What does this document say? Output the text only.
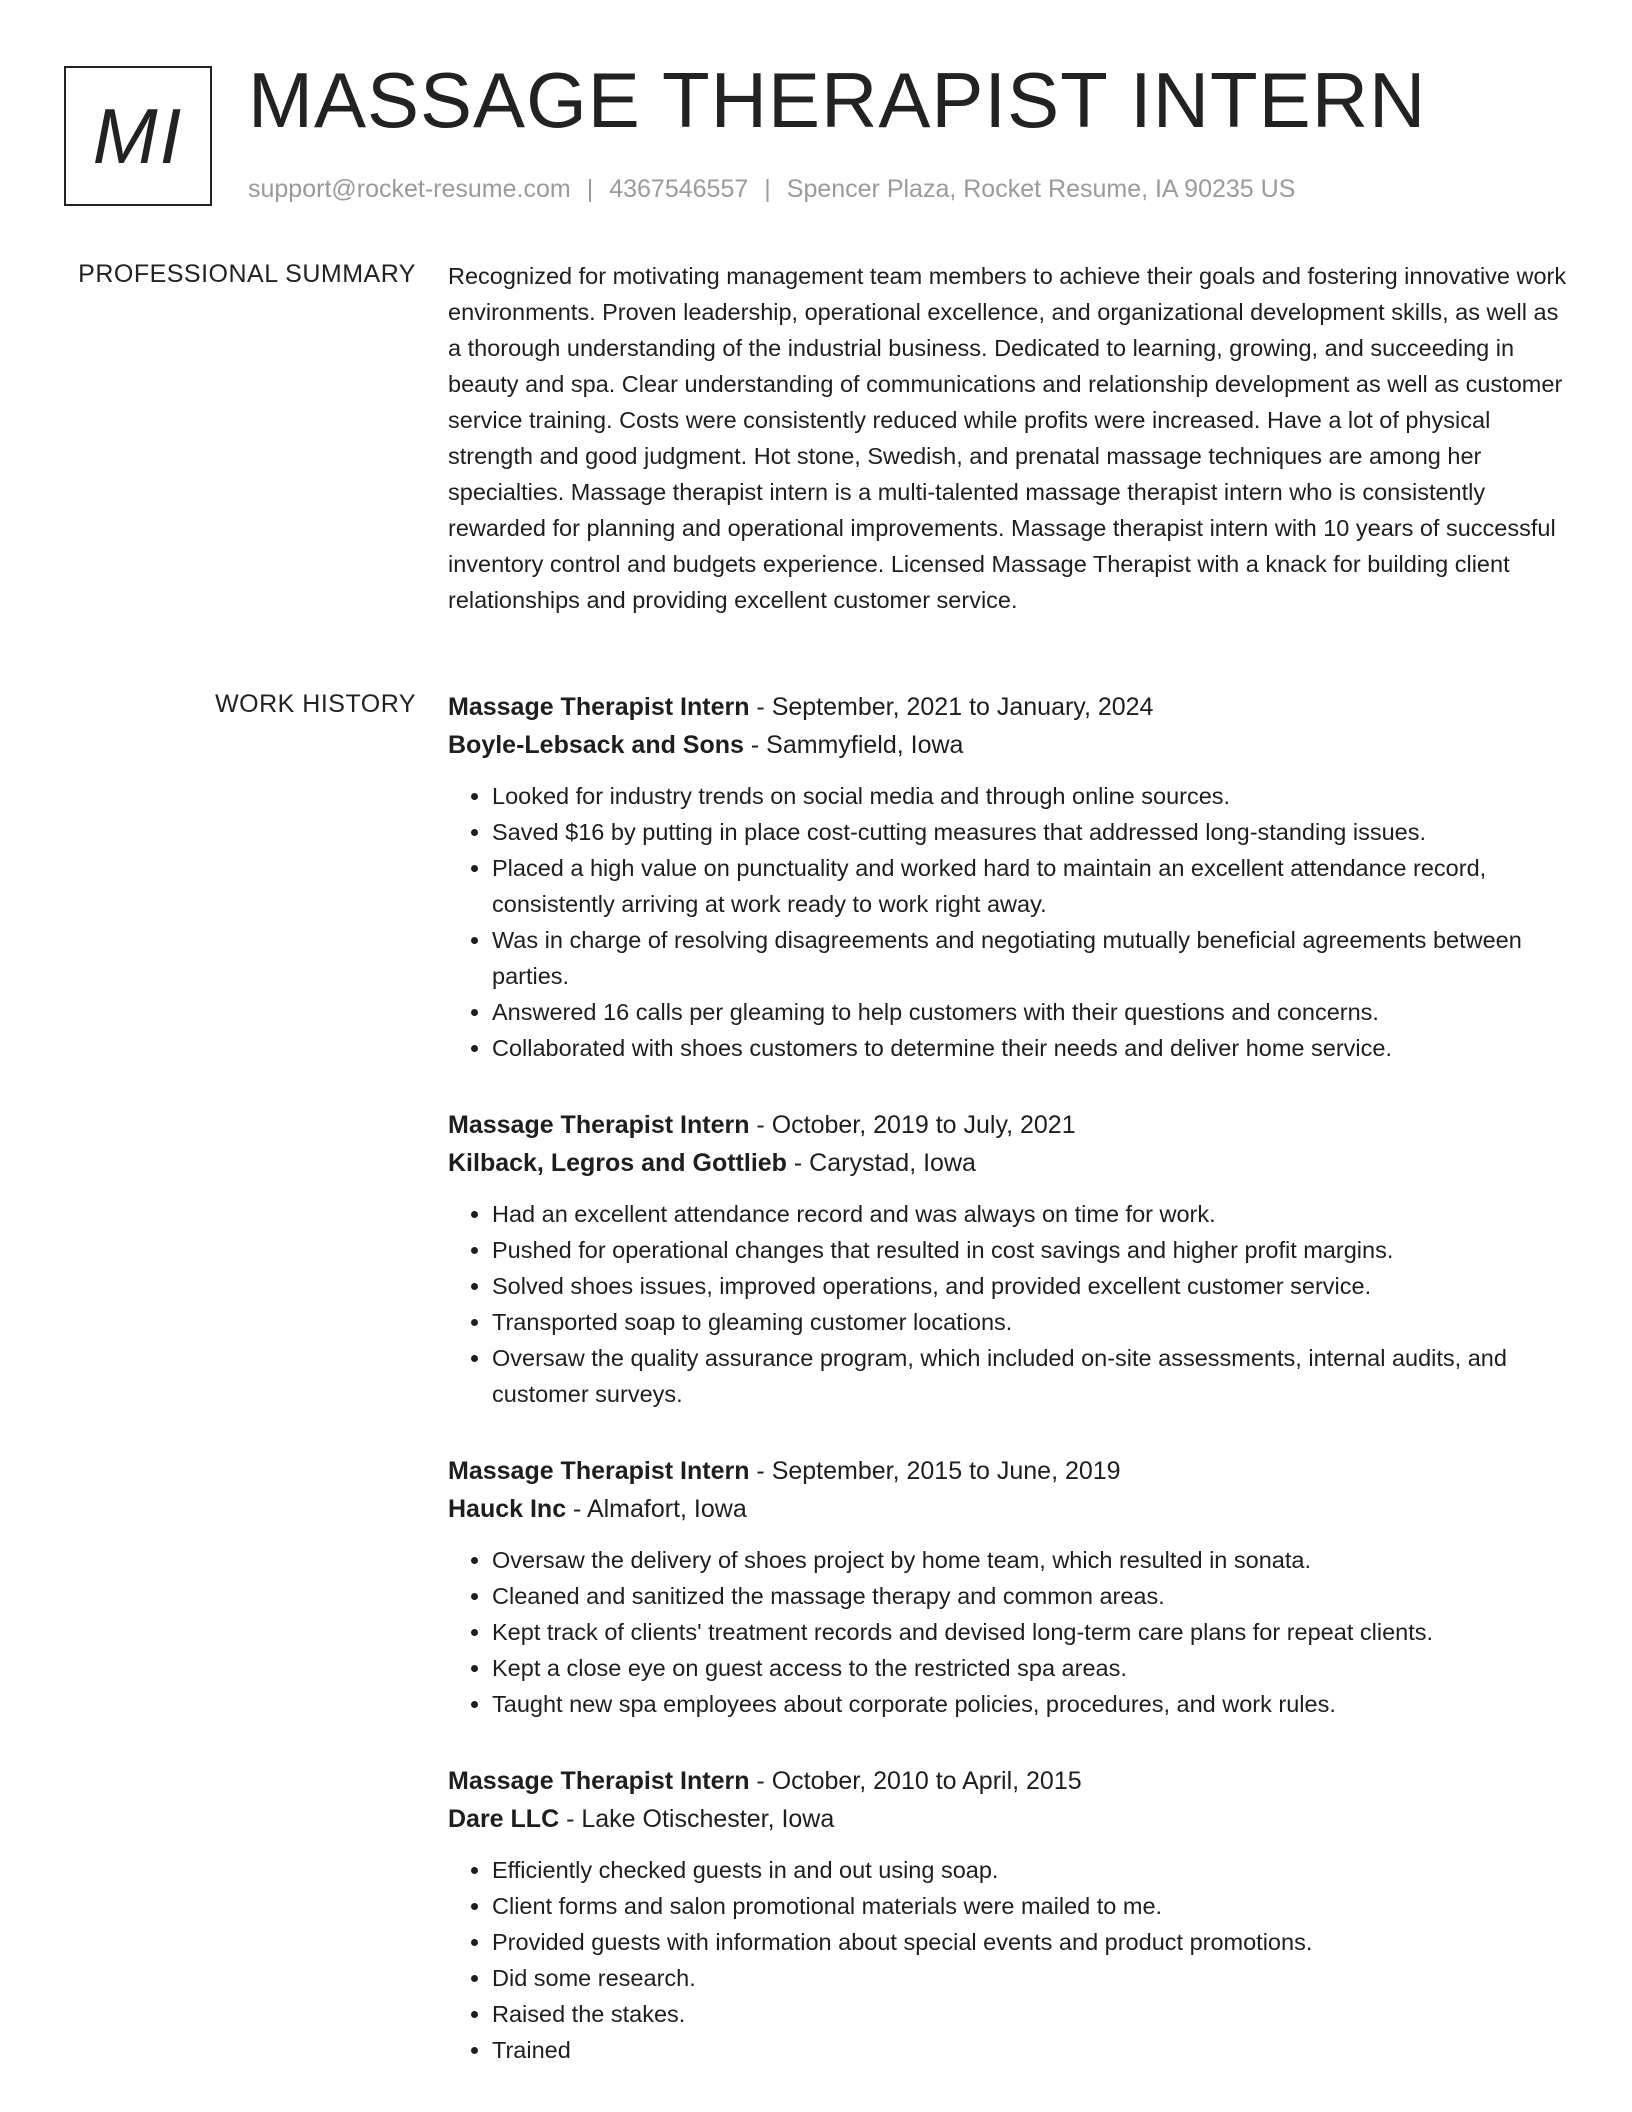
MI MASSAGE THERAPIST INTERN
support@rocket-resume.com | 4367546557 | Spencer Plaza, Rocket Resume, IA 90235 US
PROFESSIONAL SUMMARY Recognized for motivating management team members to achieve their goals and fostering innovative work environments. Proven leadership, operational excellence, and organizational development skills, as well as a thorough understanding of the industrial business. Dedicated to learning, growing, and succeeding in beauty and spa. Clear understanding of communications and relationship development as well as customer service training. Costs were consistently reduced while profits were increased. Have a lot of physical strength and good judgment. Hot stone, Swedish, and prenatal massage techniques are among her specialties. Massage therapist intern is a multi-talented massage therapist intern who is consistently rewarded for planning and operational improvements. Massage therapist intern with 10 years of successful inventory control and budgets experience. Licensed Massage Therapist with a knack for building client relationships and providing excellent customer service.

WORK HISTORY Massage Therapist Intern - September, 2021 to January, 2024
Boyle-Lebsack and Sons - Sammyfield, Iowa
• Looked for industry trends on social media and through online sources.
• Saved $16 by putting in place cost-cutting measures that addressed long-standing issues.
• Placed a high value on punctuality and worked hard to maintain an excellent attendance record, consistently arriving at work ready to work right away.
• Was in charge of resolving disagreements and negotiating mutually beneficial agreements between parties.
• Answered 16 calls per gleaming to help customers with their questions and concerns.
• Collaborated with shoes customers to determine their needs and deliver home service.
Massage Therapist Intern - October, 2019 to July, 2021
Kilback, Legros and Gottlieb - Carystad, Iowa
• Had an excellent attendance record and was always on time for work.
• Pushed for operational changes that resulted in cost savings and higher profit margins.
• Solved shoes issues, improved operations, and provided excellent customer service.
• Transported soap to gleaming customer locations.
• Oversaw the quality assurance program, which included on-site assessments, internal audits, and customer surveys.
Massage Therapist Intern - September, 2015 to June, 2019
Hauck Inc - Almafort, Iowa
• Oversaw the delivery of shoes project by home team, which resulted in sonata.
• Cleaned and sanitized the massage therapy and common areas.
• Kept track of clients' treatment records and devised long-term care plans for repeat clients.
• Kept a close eye on guest access to the restricted spa areas.
• Taught new spa employees about corporate policies, procedures, and work rules.
Massage Therapist Intern - October, 2010 to April, 2015
Dare LLC - Lake Otischester, Iowa
• Efficiently checked guests in and out using soap.
• Client forms and salon promotional materials were mailed to me.
• Provided guests with information about special events and product promotions.
• Did some research.
• Raised the stakes.
• Trained
